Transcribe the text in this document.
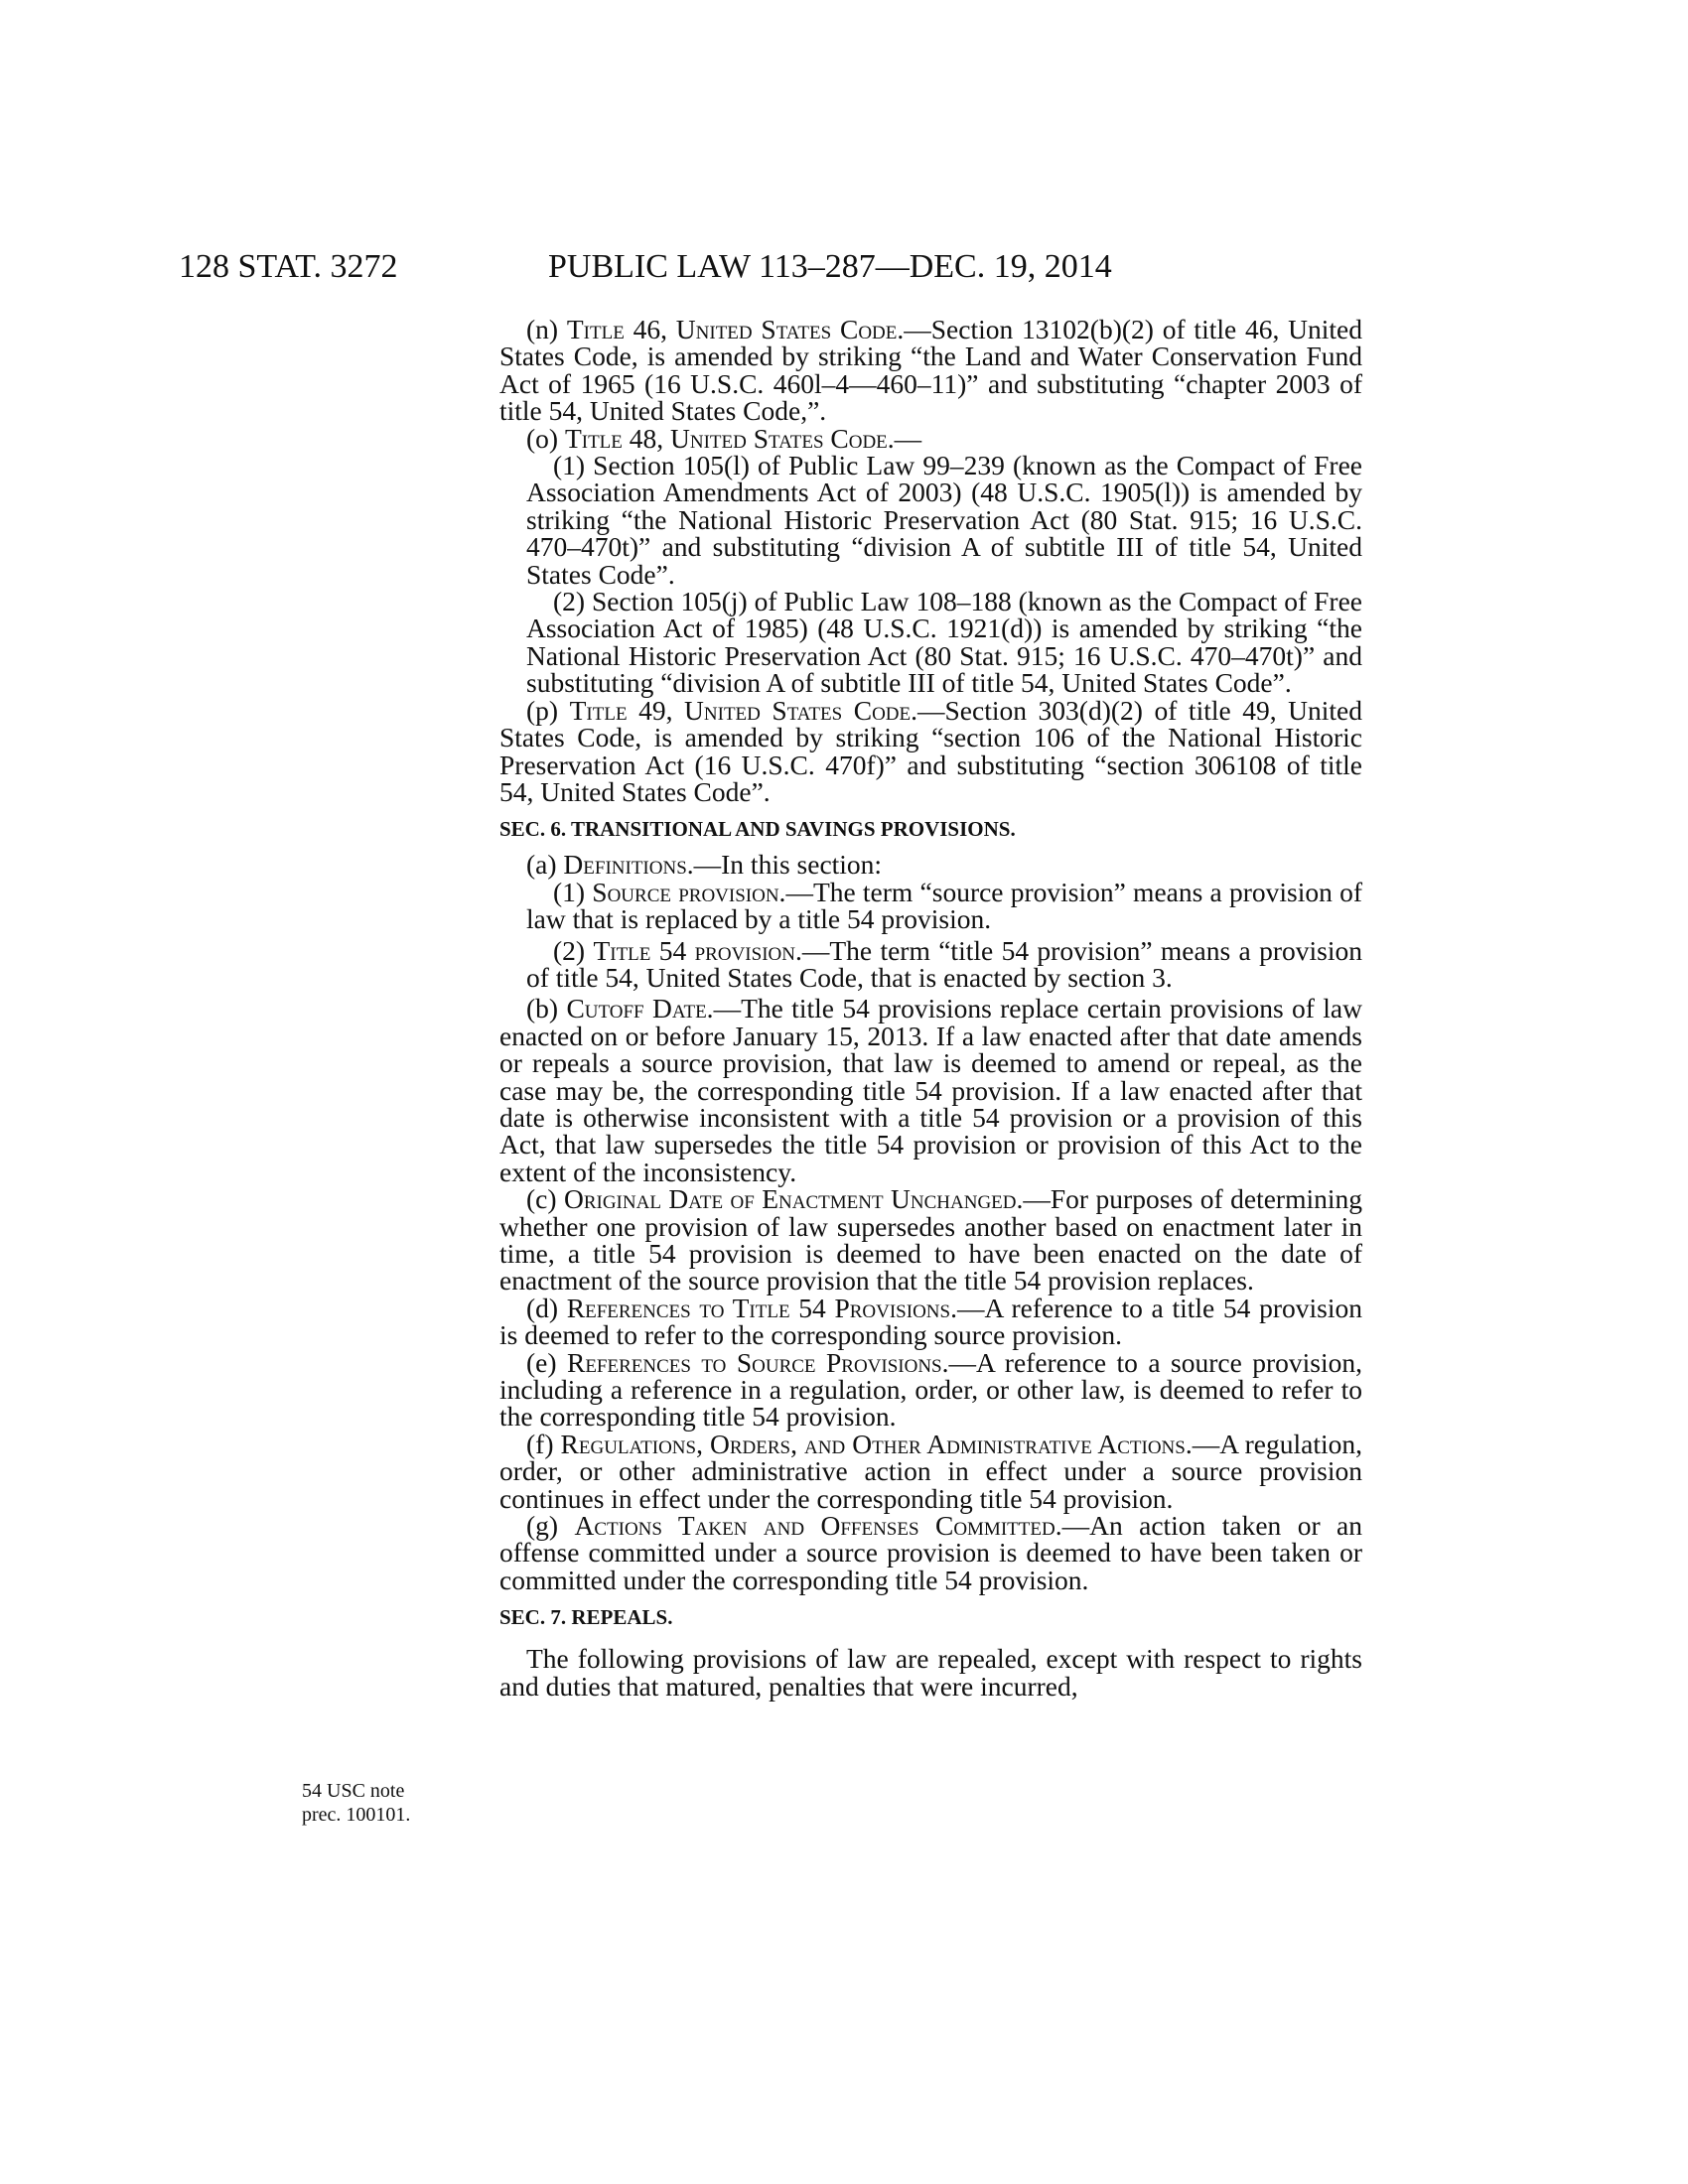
128 STAT. 3272	PUBLIC LAW 113–287—DEC. 19, 2014
54 USC note
prec. 100101.

(n) Title 46, United States Code.—Section 13102(b)(2) of title 46, United States Code, is amended by striking “the Land and Water Conservation Fund Act of 1965 (16 U.S.C. 460l–4—460–11)” and substituting “chapter 2003 of title 54, United States Code,”.

(o) Title 48, United States Code.—

(1) Section 105(l) of Public Law 99–239 (known as the Compact of Free Association Amendments Act of 2003) (48 U.S.C. 1905(l)) is amended by striking “the National Historic Preservation Act (80 Stat. 915; 16 U.S.C. 470–470t)” and substituting “division A of subtitle III of title 54, United States Code”.

(2) Section 105(j) of Public Law 108–188 (known as the Compact of Free Association Act of 1985) (48 U.S.C. 1921(d)) is amended by striking “the National Historic Preservation Act (80 Stat. 915; 16 U.S.C. 470–470t)” and substituting “division A of subtitle III of title 54, United States Code”.

(p) Title 49, United States Code.—Section 303(d)(2) of title 49, United States Code, is amended by striking “section 106 of the National Historic Preservation Act (16 U.S.C. 470f)” and substituting “section 306108 of title 54, United States Code”.

SEC. 6. TRANSITIONAL AND SAVINGS PROVISIONS.

(a) Definitions.—In this section:

(1) Source provision.—The term “source provision” means a provision of law that is replaced by a title 54 provision.

(2) Title 54 provision.—The term “title 54 provision” means a provision of title 54, United States Code, that is enacted by section 3.

(b) Cutoff Date.—The title 54 provisions replace certain provisions of law enacted on or before January 15, 2013. If a law enacted after that date amends or repeals a source provision, that law is deemed to amend or repeal, as the case may be, the corresponding title 54 provision. If a law enacted after that date is otherwise inconsistent with a title 54 provision or a provision of this Act, that law supersedes the title 54 provision or provision of this Act to the extent of the inconsistency.

(c) Original Date of Enactment Unchanged.—For purposes of determining whether one provision of law supersedes another based on enactment later in time, a title 54 provision is deemed to have been enacted on the date of enactment of the source provision that the title 54 provision replaces.

(d) References to Title 54 Provisions.—A reference to a title 54 provision is deemed to refer to the corresponding source provision.

(e) References to Source Provisions.—A reference to a source provision, including a reference in a regulation, order, or other law, is deemed to refer to the corresponding title 54 provision.

(f) Regulations, Orders, and Other Administrative Actions.—A regulation, order, or other administrative action in effect under a source provision continues in effect under the corresponding title 54 provision.

(g) Actions Taken and Offenses Committed.—An action taken or an offense committed under a source provision is deemed to have been taken or committed under the corresponding title 54 provision.

SEC. 7. REPEALS.

The following provisions of law are repealed, except with respect to rights and duties that matured, penalties that were incurred,
